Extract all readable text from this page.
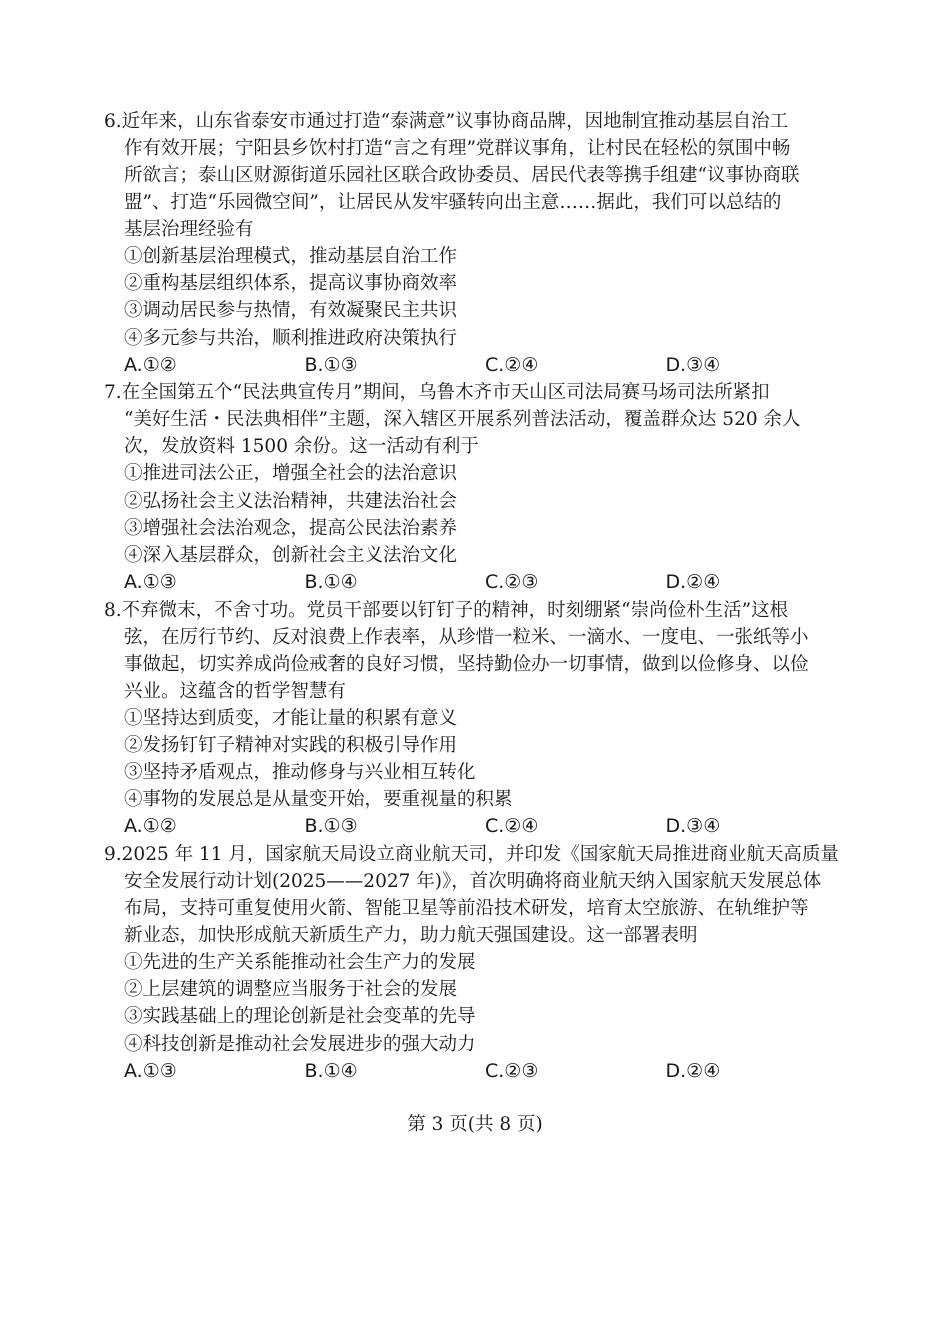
6. 近年来，山东省泰安市通过打造“泰满意”议事协商品牌，因地制宜推动基层自治工
作有效开展；宁阳县乡饮村打造“言之有理”党群议事角，让村民在轻松的氛围中畅
所欲言；泰山区财源街道乐园社区联合政协委员、居民代表等携手组建“议事协商联
盟”、打造“乐园微空间”，让居民从发牢骚转向出主意……据此，我们可以总结的
基层治理经验有
①创新基层治理模式，推动基层自治工作
②重构基层组织体系，提高议事协商效率
③调动居民参与热情，有效凝聚民主共识
④多元参与共治，顺利推进政府决策执行
A.①②	B.①③	C.②④	D.③④
7. 在全国第五个“民法典宣传月”期间，乌鲁木齐市天山区司法局赛马场司法所紧扣
“美好生活・民法典相伴”主题，深入辖区开展系列普法活动，覆盖群众达 520 余人
次，发放资料 1500 余份。这一活动有利于
①推进司法公正，增强全社会的法治意识
②弘扬社会主义法治精神，共建法治社会
③增强社会法治观念，提高公民法治素养
④深入基层群众，创新社会主义法治文化
A.①③	B.①④	C.②③	D.②④
8. 不弃微末，不舍寸功。党员干部要以钉钉子的精神，时刻绷紧“崇尚俭朴生活”这根
弦，在厉行节约、反对浪费上作表率，从珍惜一粒米、一滴水、一度电、一张纸等小
事做起，切实养成尚俭戒奢的良好习惯，坚持勤俭办一切事情，做到以俭修身、以俭
兴业。这蕴含的哲学智慧有
①坚持达到质变，才能让量的积累有意义
②发扬钉钉子精神对实践的积极引导作用
③坚持矛盾观点，推动修身与兴业相互转化
④事物的发展总是从量变开始，要重视量的积累
A.①②	B.①③	C.②④	D.③④
9. 2025 年 11 月，国家航天局设立商业航天司，并印发《国家航天局推进商业航天高质量
安全发展行动计划(2025——2027 年)》，首次明确将商业航天纳入国家航天发展总体
布局，支持可重复使用火箭、智能卫星等前沿技术研发，培育太空旅游、在轨维护等
新业态，加快形成航天新质生产力，助力航天强国建设。这一部署表明
①先进的生产关系能推动社会生产力的发展
②上层建筑的调整应当服务于社会的发展
③实践基础上的理论创新是社会变革的先导
④科技创新是推动社会发展进步的强大动力
A.①③	B.①④	C.②③	D.②④
第 3 页(共 8 页)
